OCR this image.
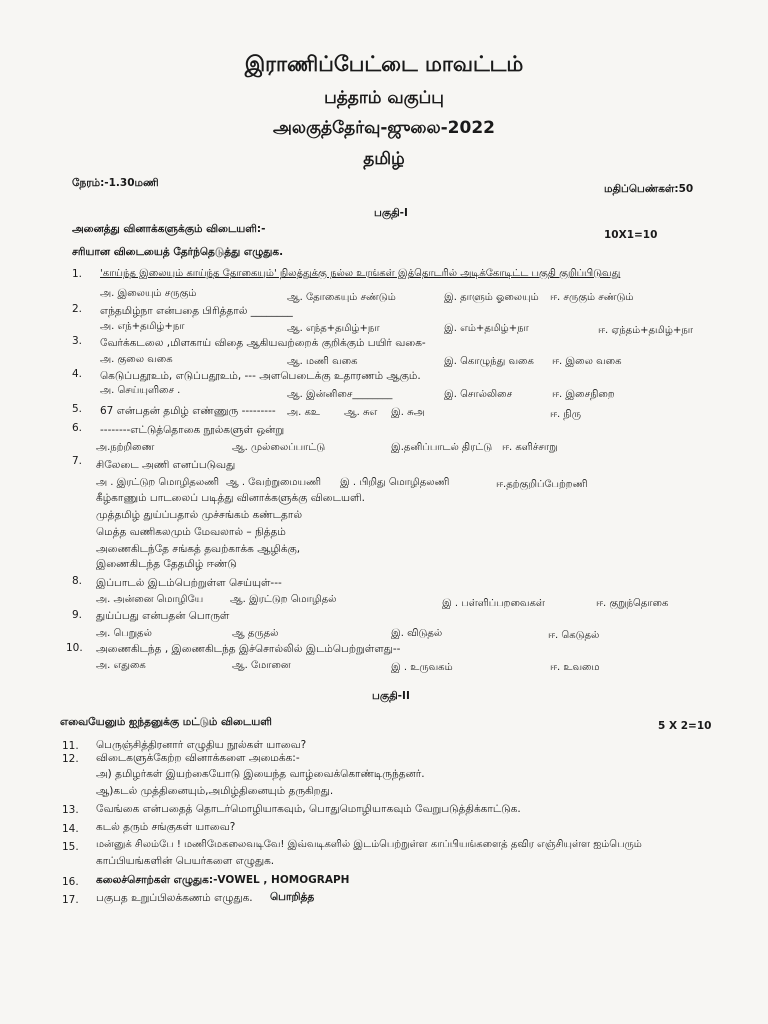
இராணிப்பேட்டை மாவட்டம்
பத்தாம் வகுப்பு
அலகுத்தேர்வு-ஜுலை-2022
தமிழ்
நேரம்:-1.30மணி	மதிப்பெண்கள்:50
பகுதி-I
அனைத்து வினாக்களுக்கும் விடையளி:-	10X1=10
சரியான விடையைத் தேர்ந்தெடுத்து எழுதுக.
1. 'காய்ந்த இலையும் காய்ந்த தோகையும்' நிலத்துக்கு நல்ல உரங்கள் இத்தொடரில் அடிக்கோடிட்ட பகுதி குறிப்பிடுவது
அ. இலையும் சருகும்	ஆ. தோகையும் சண்டும்	இ. தாளும் ஓலையும் ஈ. சருகும் சண்டும்
2. எந்தமிழ்நா என்பதை பிரித்தால் ________
அ. எந்+தமிழ்+நா	ஆ. எந்த+தமிழ்+நா	இ. எம்+தமிழ்+நா	ஈ. ஏந்தம்+தமிழ்+நா
3. வேர்க்கடலை ,மிளகாய் விதை ஆகியவற்றைக் குறிக்கும் பயிர் வகை-
அ. குலை வகை	ஆ. மணி வகை	இ. கொழுந்து வகை ஈ. இலை வகை
4. கெடுப்பதூஉம், எடுப்பதூஉம், --- அளபெடைக்கு உதாரணம் ஆகும்.
அ. செய்யுளிசை .	ஆ. இன்னிசை________	இ. சொல்லிசை	ஈ. இசைநிறை
5. 67 என்பதன் தமிழ் எண்ணுரு --------- அ. கஉ ஆ. சுஎ இ. சுஅ	ஈ. நிரு
6. --------எட்டுத்தொகை நூல்களுள் ஒன்று
அ.நற்றிணை	ஆ. முல்லைப்பாட்டு	இ.தனிப்பாடல் திரட்டு ஈ. களிச்சாறு
7. சிலேடை அணி எனப்படுவது
அ . இரட்டுற மொழிதலணி ஆ . வேற்றுமையணி இ . பிறிது மொழிதலணி	ஈ.தற்குறிப்பேற்றணி
கீழ்காணும் பாடலைப் படித்து வினாக்களுக்கு விடையளி.
முத்தமிழ் துய்ப்பதால் முச்சங்கம் கண்டதால்
மெத்த வணிகலமும் மேவலால் – நித்தம்
அணைகிடந்தே சங்கத் தவற்காக்க ஆழிக்கு,
இணைகிடந்த தேதமிழ் ஈண்டு
8. இப்பாடல் இடம்பெற்றுள்ள செய்யுள்---
அ. அன்னை மொழியே	ஆ. இரட்டுற மொழிதல்	இ . பள்ளிப்பறவைகள்	ஈ. குறுந்தொகை
9. துய்ப்பது என்பதன் பொருள்
அ. பெறுதல்	ஆ தருதல்	இ. விடுதல்	ஈ. கெடுதல்
10. அணைகிடந்த , இணைகிடந்த இச்சொல்லில் இடம்பெற்றுள்ளது--
அ. எதுகை	ஆ. மோனை	இ . உருவகம்	ஈ. உவமை
பகுதி-II
எவையேனும் ஐந்தனுக்கு மட்டும் விடையளி	5 X 2=10
11. பெருஞ்சித்திரனார் எழுதிய நூல்கள் யாவை?
12. விடைகளுக்கேற்ற வினாக்களை அமைக்க:-
அ) தமிழர்கள் இயற்கையோடு இயைந்த வாழ்வைக்கொண்டிருந்தனர்.
ஆ)கடல் முத்தினையும்,அமிழ்தினையும் தருகிறது.
13. வேங்கை என்பதைத் தொடர்மொழியாகவும், பொதுமொழியாகவும் வேறுபடுத்திக்காட்டுக.
14. கடல் தரும் சங்குகள் யாவை?
15. மன்னுக் சிலம்பே ! மணிமேகலைவடிவே! இவ்வடிகளில் இடம்பெற்றுள்ள காப்பியங்களைத் தவிர எஞ்சியுள்ள ஐம்பெரும்
காப்பியங்களின் பெயர்களை எழுதுக.
16. கலைச்சொற்கள் எழுதுக:-VOWEL , HOMOGRAPH
17. பகுபத உறுப்பிலக்கணம் எழுதுக. பொறித்த
